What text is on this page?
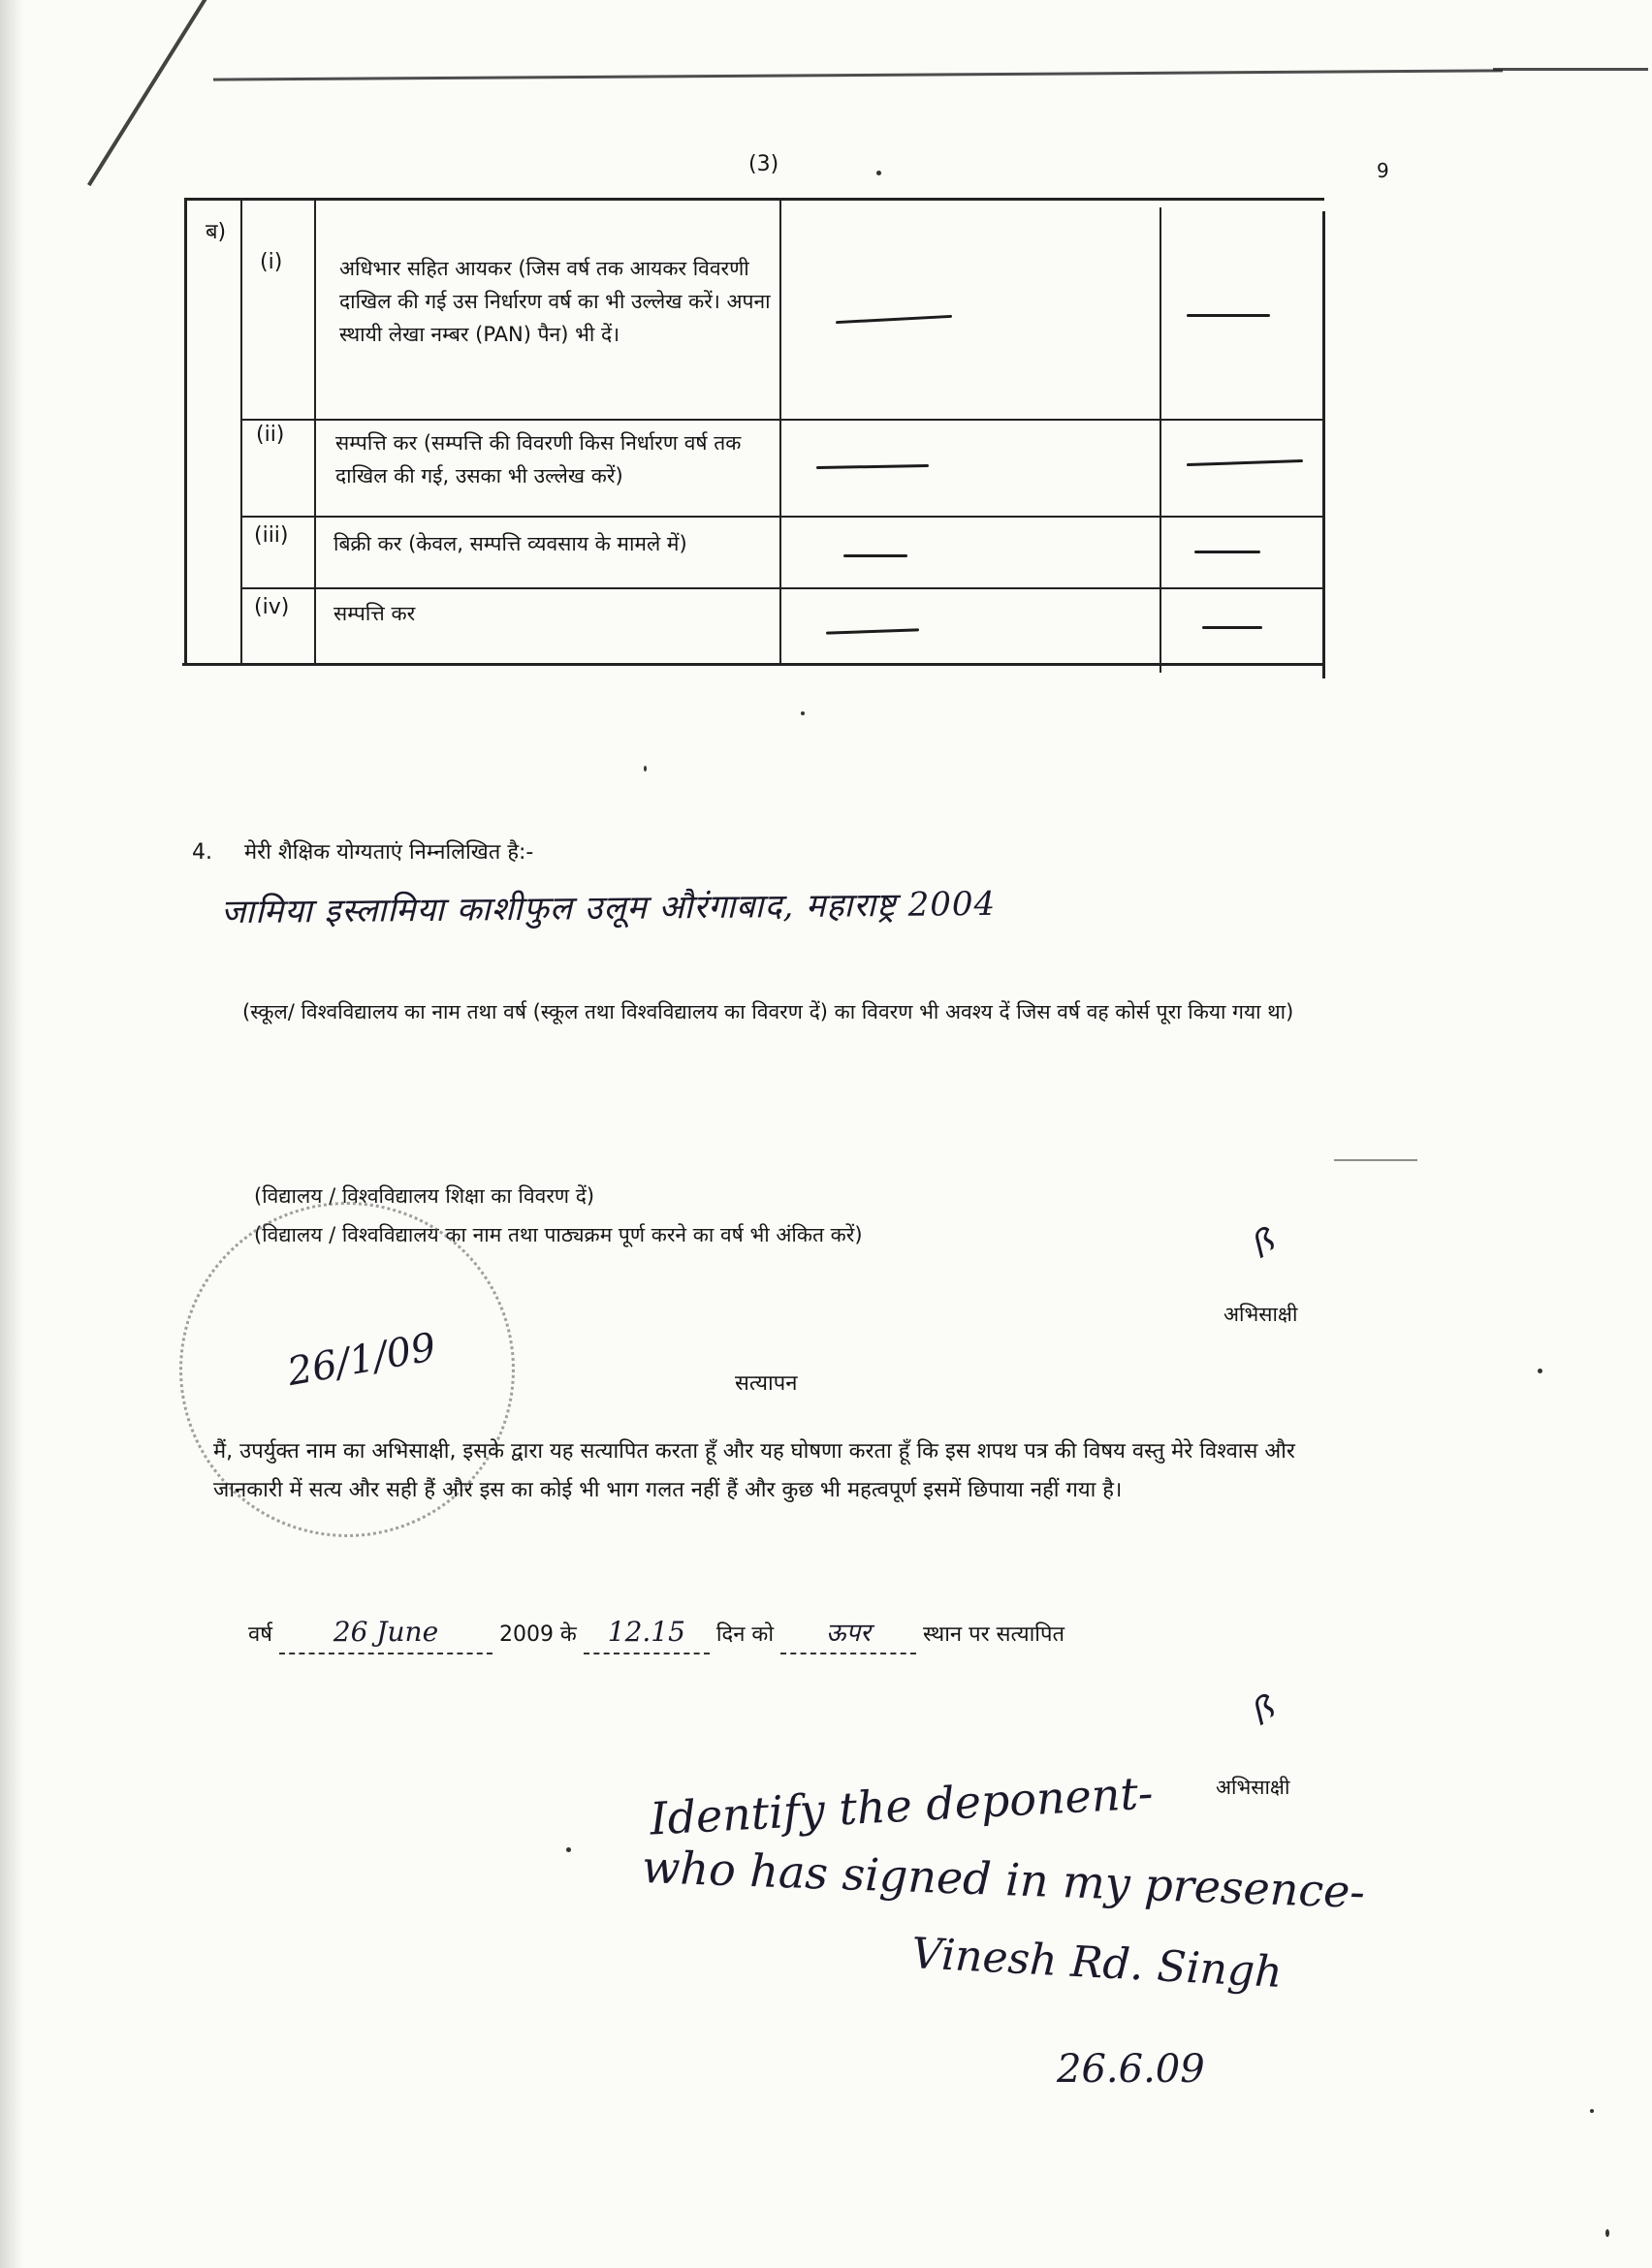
(3)	9
ब)
(i)	अधिभार सहित आयकर (जिस वर्ष तक आयकर विवरणी दाखिल की गई उस निर्धारण वर्ष का भी उल्लेख करें। अपना स्थायी लेखा नम्बर (PAN) पैन) भी दें।
(ii)	सम्पत्ति कर (सम्पत्ति की विवरणी किस निर्धारण वर्ष तक दाखिल की गई, उसका भी उल्लेख करें)
(iii) बिक्री कर (केवल, सम्पत्ति व्यवसाय के मामले में)
(iv) सम्पत्ति कर
4. मेरी शैक्षिक योग्यताएं निम्नलिखित है:-
जामिया इस्लामिया काशीफुल उलूम औरंगाबाद, महाराष्ट्र 2004
(स्कूल/ विश्वविद्यालय का नाम तथा वर्ष (स्कूल तथा विश्वविद्यालय का विवरण दें) का विवरण भी अवश्य दें जिस वर्ष वह कोर्स पूरा किया गया था)
(विद्यालय / विश्वविद्यालय शिक्षा का विवरण दें)
(विद्यालय / विश्वविद्यालय का नाम तथा पाठ्यक्रम पूर्ण करने का वर्ष भी अंकित करें)	ꟗ
अभिसाक्षी
26/1/09	सत्यापन
मैं, उपर्युक्त नाम का अभिसाक्षी, इसके द्वारा यह सत्यापित करता हूँ और यह घोषणा करता हूँ कि इस शपथ पत्र की विषय वस्तु मेरे विश्वास और जानकारी में सत्य और सही हैं और इस का कोई भी भाग गलत नहीं हैं और कुछ भी महत्वपूर्ण इसमें छिपाया नहीं गया है।
वर्ष 26 June	2009 के 12.15 दिन को ऊपर स्थान पर सत्यापित
ꟗ
अभिसाक्षी
Identify the deponent-
who has signed in my presence-
Vinesh Rd. Singh
26.6.09
